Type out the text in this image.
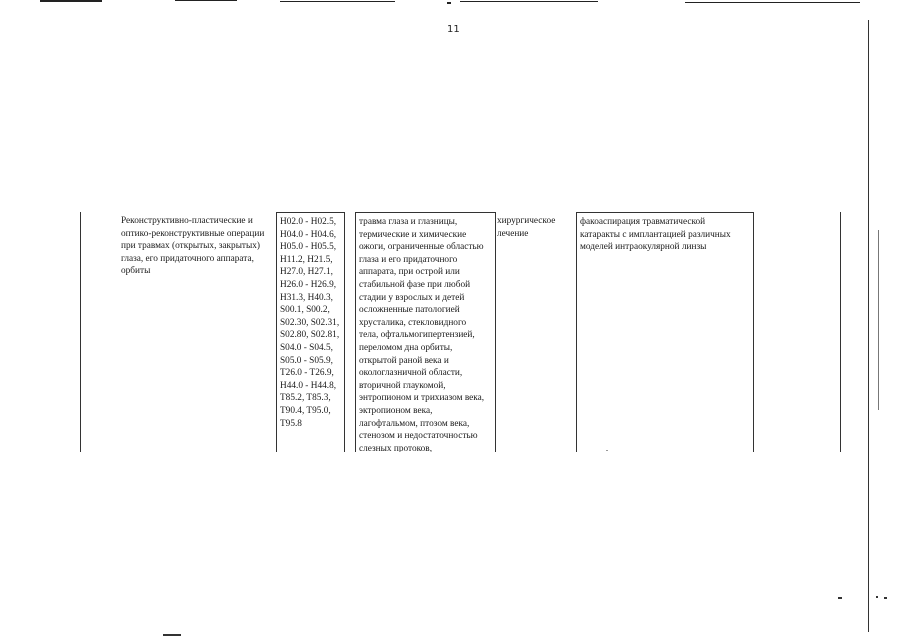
11
Реконструктивно-пластические и
оптико-реконструктивные операции
при травмах (открытых, закрытых)
глаза, его придаточного аппарата,
орбиты
H02.0 - H02.5,
H04.0 - H04.6,
H05.0 - H05.5,
H11.2, H21.5,
H27.0, H27.1,
H26.0 - H26.9,
H31.3, H40.3,
S00.1, S00.2,
S02.30, S02.31,
S02.80, S02.81,
S04.0 - S04.5,
S05.0 - S05.9,
T26.0 - T26.9,
H44.0 - H44.8,
T85.2, T85.3,
T90.4, T95.0,
T95.8
травма глаза и глазницы,
термические и химические
ожоги, ограниченные областью
глаза и его придаточного
аппарата, при острой или
стабильной фазе при любой
стадии у взрослых и детей
осложненные патологией
хрусталика, стекловидного
тела, офтальмогипертензией,
переломом дна орбиты,
открытой раной века и
окологлазничной области,
вторичной глаукомой,
энтропионом и трихиазом века,
эктропионом века,
лагофтальмом, птозом века,
стенозом и недостаточностью
слезных протоков,
хирургическое
лечение
факоаспирация травматической
катаракты с имплантацией различных
моделей интраокулярной линзы
